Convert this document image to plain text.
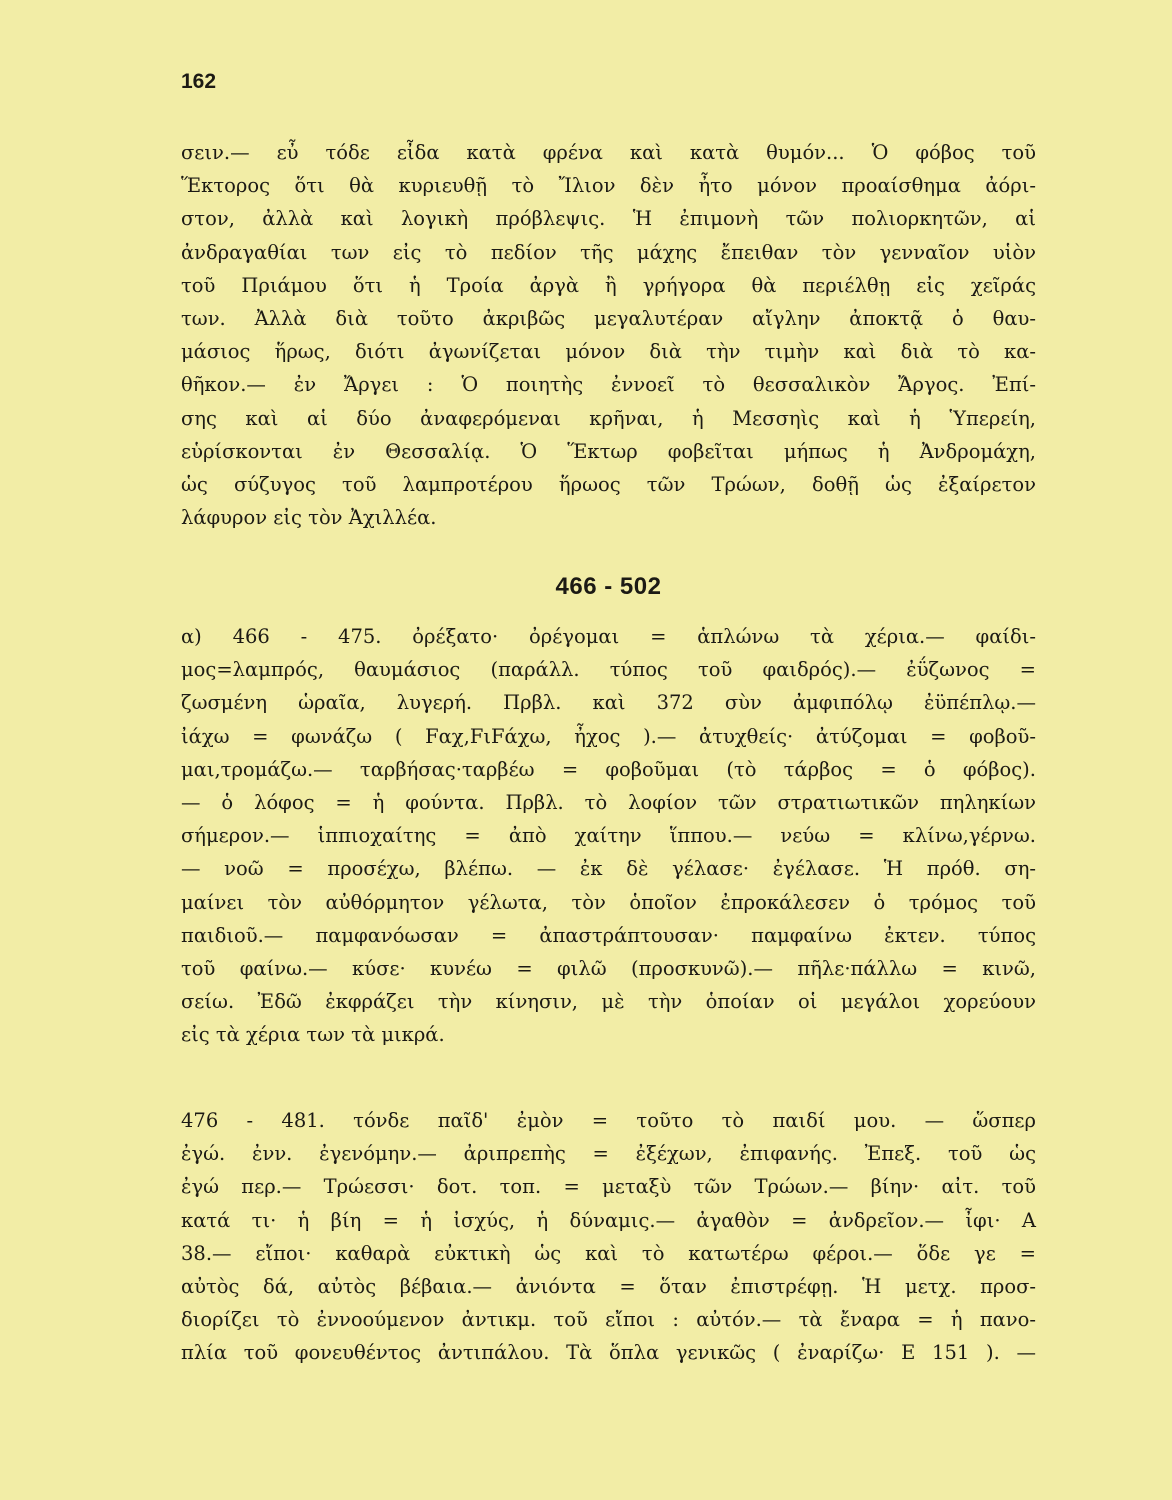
162

σειν.— εὖ τόδε εἶδα κατὰ φρένα καὶ κατὰ θυμόν... Ὁ φόβος τοῦ
Ἕκτορος ὅτι θὰ κυριευθῇ τὸ Ἴλιον δὲν ἦτο μόνον προαίσθημα ἀόρι-
στον, ἀλλὰ καὶ λογικὴ πρόβλεψις. Ἡ ἐπιμονὴ τῶν πολιορκητῶν, αἱ
ἀνδραγαθίαι των εἰς τὸ πεδίον τῆς μάχης ἔπειθαν τὸν γενναῖον υἱὸν
τοῦ Πριάμου ὅτι ἡ Τροία ἀργὰ ἢ γρήγορα θὰ περιέλθῃ εἰς χεῖράς
των. Ἀλλὰ διὰ τοῦτο ἀκριβῶς μεγαλυτέραν αἴγλην ἀποκτᾷ ὁ θαυ-
μάσιος ἥρως, διότι ἀγωνίζεται μόνον διὰ τὴν τιμὴν καὶ διὰ τὸ κα-
θῆκον.— ἐν Ἄργει : Ὁ ποιητὴς ἐννοεῖ τὸ θεσσαλικὸν Ἄργος. Ἐπί-
σης καὶ αἱ δύο ἀναφερόμεναι κρῆναι, ἡ Μεσσηὶς καὶ ἡ Ὑπερείη,
εὑρίσκονται ἐν Θεσσαλίᾳ. Ὁ Ἕκτωρ φοβεῖται μήπως ἡ Ἀνδρομάχη,
ὡς σύζυγος τοῦ λαμπροτέρου ἥρωος τῶν Τρώων, δοθῇ ὡς ἐξαίρετον
λάφυρον εἰς τὸν Ἀχιλλέα.

466 - 502

α) 466 - 475. ὀρέξατο· ὀρέγομαι = ἁπλώνω τὰ χέρια.— φαίδι-
μος=λαμπρός, θαυμάσιος (παράλλ. τύπος τοῦ φαιδρός).— ἐΰζωνος =
ζωσμένη ὡραῖα, λυγερή. Πρβλ. καὶ 372 σὺν ἀμφιπόλῳ ἐϋπέπλῳ.—
ἰάχω = φωνάζω ( Fαχ,FιFάχω, ἦχος ).— ἀτυχθείς· ἀτύζομαι = φοβοῦ-
μαι,τρομάζω.— ταρβήσας·ταρβέω = φοβοῦμαι (τὸ τάρβος = ὁ φόβος).
— ὁ λόφος = ἡ φούντα. Πρβλ. τὸ λοφίον τῶν στρατιωτικῶν πηληκίων
σήμερον.— ἱππιοχαίτης = ἀπὸ χαίτην ἵππου.— νεύω = κλίνω,γέρνω.
— νοῶ = προσέχω, βλέπω. — ἐκ δὲ γέλασε· ἐγέλασε. Ἡ πρόθ. ση-
μαίνει τὸν αὐθόρμητον γέλωτα, τὸν ὁποῖον ἐπροκάλεσεν ὁ τρόμος τοῦ
παιδιοῦ.— παμφανόωσαν = ἀπαστράπτουσαν· παμφαίνω ἐκτεν. τύπος
τοῦ φαίνω.— κύσε· κυνέω = φιλῶ (προσκυνῶ).— πῆλε·πάλλω = κινῶ,
σείω. Ἐδῶ ἐκφράζει τὴν κίνησιν, μὲ τὴν ὁποίαν οἱ μεγάλοι χορεύουν
εἰς τὰ χέρια των τὰ μικρά.

476 - 481. τόνδε παῖδ' ἐμὸν = τοῦτο τὸ παιδί μου. — ὥσπερ
ἐγώ. ἐνν. ἐγενόμην.— ἀριπρεπὴς = ἐξέχων, ἐπιφανής. Ἐπεξ. τοῦ ὡς
ἐγώ περ.— Τρώεσσι· δοτ. τοπ. = μεταξὺ τῶν Τρώων.— βίην· αἰτ. τοῦ
κατά τι· ἡ βίη = ἡ ἰσχύς, ἡ δύναμις.— ἀγαθὸν = ἀνδρεῖον.— ἶφι· Α
38.— εἴποι· καθαρὰ εὐκτικὴ ὡς καὶ τὸ κατωτέρω φέροι.— ὅδε γε =
αὐτὸς δά, αὐτὸς βέβαια.— ἀνιόντα = ὅταν ἐπιστρέφῃ. Ἡ μετχ. προσ-
διορίζει τὸ ἐννοούμενον ἀντικμ. τοῦ εἴποι : αὐτόν.— τὰ ἔναρα = ἡ πανο-
πλία τοῦ φονευθέντος ἀντιπάλου. Τὰ ὅπλα γενικῶς ( ἐναρίζω· Ε 151 ). —
